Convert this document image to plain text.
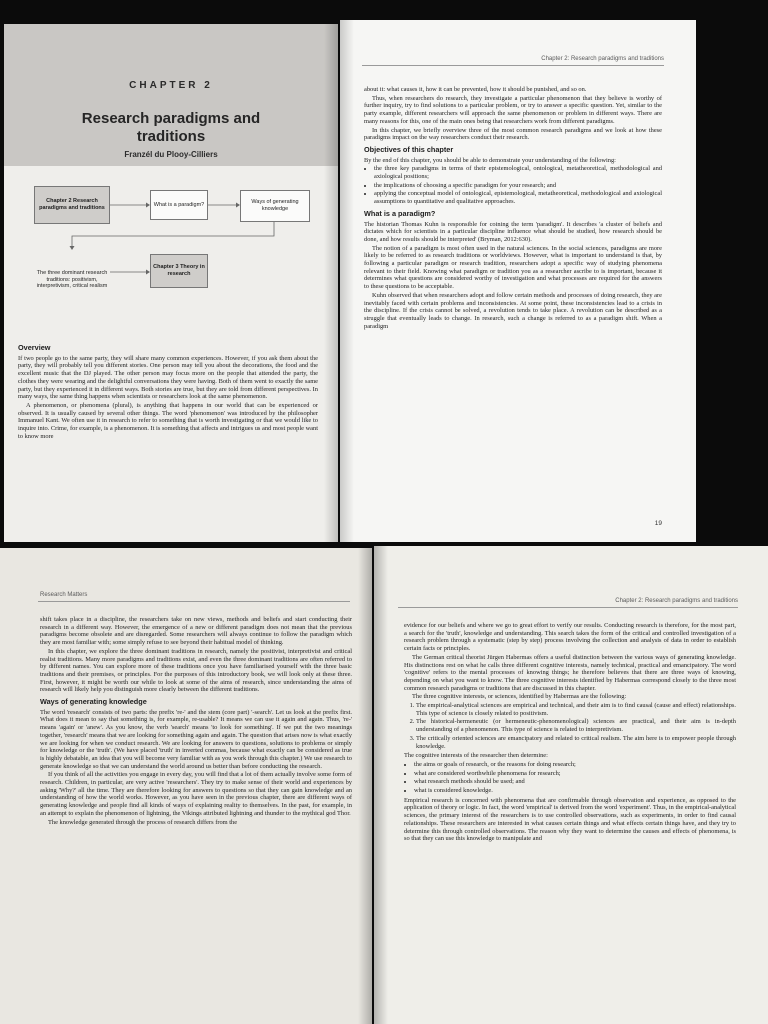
CHAPTER 2
Research paradigms and
traditions
Franzél du Plooy-Cilliers
Chapter 2 Research paradigms and traditions
What is a paradigm?	Ways of generating knowledge
The three dominant research traditions: positivism, interpretivism, critical realism
Chapter 3 Theory in research
Overview

If two people go to the same party, they will share many common experiences. However, if you ask them about the party, they will probably tell you different stories. One person may tell you about the decorations, the food and the excellent music that the DJ played. The other person may focus more on the people that attended the party, the clothes they were wearing and the delightful conversations they were having. Both of them went to exactly the same party, but they experienced it in different ways. Both stories are true, but they are told from different perspectives. In many ways, the same thing happens when scientists or researchers look at the same phenomenon.

A phenomenon, or phenomena (plural), is anything that happens in our world that can be experienced or observed. It is usually caused by several other things. The word 'phenomenon' was introduced by the philosopher Immanuel Kant. We often use it in research to refer to something that is worth investigating or that we would like to inquire into. Crime, for example, is a phenomenon. It is something that affects and intrigues us and most people want to know more

Chapter 2: Research paradigms and traditions

about it: what causes it, how it can be prevented, how it should be punished, and so on.

Thus, when researchers do research, they investigate a particular phenomenon that they believe is worthy of further inquiry, try to find solutions to a particular problem, or try to answer a specific question. Yet, similar to the party example, different researchers will approach the same phenomenon or problem in different ways. There are many reasons for this, one of the main ones being that researchers work from different paradigms.

In this chapter, we briefly overview three of the most common research paradigms and we look at how these paradigms impact on the way researchers conduct their research.

Objectives of this chapter

By the end of this chapter, you should be able to demonstrate your understanding of the following:

• the three key paradigms in terms of their epistemological, ontological, metatheoretical, methodological and axiological positions;
• the implications of choosing a specific paradigm for your research; and
• applying the conceptual model of ontological, epistemological, metatheoretical, methodological and axiological assumptions to quantitative and qualitative approaches.
What is a paradigm?

The historian Thomas Kuhn is responsible for coining the term 'paradigm'. It describes 'a cluster of beliefs and dictates which for scientists in a particular discipline influence what should be studied, how research should be done, and how results should be interpreted' (Bryman, 2012:630).

The notion of a paradigm is most often used in the natural sciences. In the social sciences, paradigms are more likely to be referred to as research traditions or worldviews. However, what is important to understand is that, by following a particular paradigm or research tradition, researchers adopt a specific way of studying phenomena relevant to their field. Knowing what paradigm or tradition you as a researcher ascribe to is important, because it determines what questions are considered worthy of investigation and what processes are required for the answers to these questions to be acceptable.

Kuhn observed that when researchers adopt and follow certain methods and processes of doing research, they are inevitably faced with certain problems and inconsistencies. At some point, these inconsistencies lead to a crisis in the discipline. If the crisis cannot be solved, a revolution tends to take place. A revolution can be described as a struggle that eventually leads to change. In research, such a change is referred to as a paradigm shift. When a paradigm

19
Research Matters

shift takes place in a discipline, the researchers take on new views, methods and beliefs and start conducting their research in a different way. However, the emergence of a new or different paradigm does not mean that the previous paradigms become obsolete and are disregarded. Some researchers will always continue to follow the paradigm which they are most familiar with; some simply refuse to see beyond their habitual model of thinking.

In this chapter, we explore the three dominant traditions in research, namely the positivist, interpretivist and critical realist traditions. Many more paradigms and traditions exist, and even the three dominant traditions are often referred to by different names. You can explore more of these traditions once you have familiarised yourself with the three basic traditions and their premises, or principles. For the purposes of this introductory book, we will look only at these three. First, however, it might be worth our while to look at some of the aims of research, since understanding the aims of research will likely help you distinguish more clearly between the different traditions.

Ways of generating knowledge

The word 'research' consists of two parts: the prefix 're-' and the stem (core part) '-search'. Let us look at the prefix first. What does it mean to say that something is, for example, re-usable? It means we can use it again and again. Thus, 're-' means 'again' or 'anew'. As you know, the verb 'search' means 'to look for something'. If we put the two meanings together, 'research' means that we are looking for something again and again. The question that arises now is what exactly we are looking for when we conduct research. We are looking for answers to questions, solutions to problems or simply for knowledge or the 'truth'. (We have placed 'truth' in inverted commas, because what exactly can be considered as true is highly debatable, an idea that you will become very familiar with as you work through this chapter.) We use research to generate knowledge so that we can understand the world around us better than before conducting the research.

If you think of all the activities you engage in every day, you will find that a lot of them actually involve some form of research. Children, in particular, are very active 'researchers'. They try to make sense of their world and experiences by asking 'Why?' all the time. They are therefore looking for answers to questions so that they can gain knowledge and an understanding of how the world works. However, as you have seen in the previous chapter, there are different ways of generating knowledge and people find all kinds of ways of explaining reality to themselves. In the past, for example, in an attempt to explain the phenomenon of lightning, the Vikings attributed lightning and thunder to the mythical god Thor.

The knowledge generated through the process of research differs from the

Chapter 2: Research paradigms and traditions

evidence for our beliefs and where we go to great effort to verify our results. Conducting research is therefore, for the most part, a search for the 'truth', knowledge and understanding. This search takes the form of the critical and controlled investigation of a research problem through a systematic (step by step) process involving the collection and analysis of data in order to establish certain facts or principles.

The German critical theorist Jürgen Habermas offers a useful distinction between the various ways of generating knowledge. His distinctions rest on what he calls three different cognitive interests, namely technical, practical and emancipatory. The word 'cognitive' refers to the mental processes of knowing things; he therefore believes that there are three ways of knowing, depending on what you want to know. The three cognitive interests identified by Habermas correspond closely to the three most common research paradigms or traditions that are discussed in this chapter.

The three cognitive interests, or sciences, identified by Habermas are the following:

1. The empirical-analytical sciences are empirical and technical, and their aim is to find causal (cause and effect) relationships. This type of science is closely related to positivism.
2. The historical-hermeneutic (or hermeneutic-phenomenological) sciences are practical, and their aim is in-depth understanding of a phenomenon. This type of science is related to interpretivism.
3. The critically oriented sciences are emancipatory and related to critical realism. The aim here is to empower people through knowledge.

The cognitive interests of the researcher then determine:

• the aims or goals of research, or the reasons for doing research;
• what are considered worthwhile phenomena for research;
• what research methods should be used; and
• what is considered knowledge.

Empirical research is concerned with phenomena that are confirmable through observation and experience, as opposed to the application of theory or logic. In fact, the word 'empirical' is derived from the word 'experiment'. Thus, in the empirical-analytical sciences, the primary interest of the researchers is to use controlled observations, such as experiments, in order to find causal relationships. These researchers are interested in what causes certain things and what effects certain things have, and they try to determine this through controlled observations. The reason why they want to determine the causes and effects of phenomena, is so that they can use this knowledge to manipulate and
